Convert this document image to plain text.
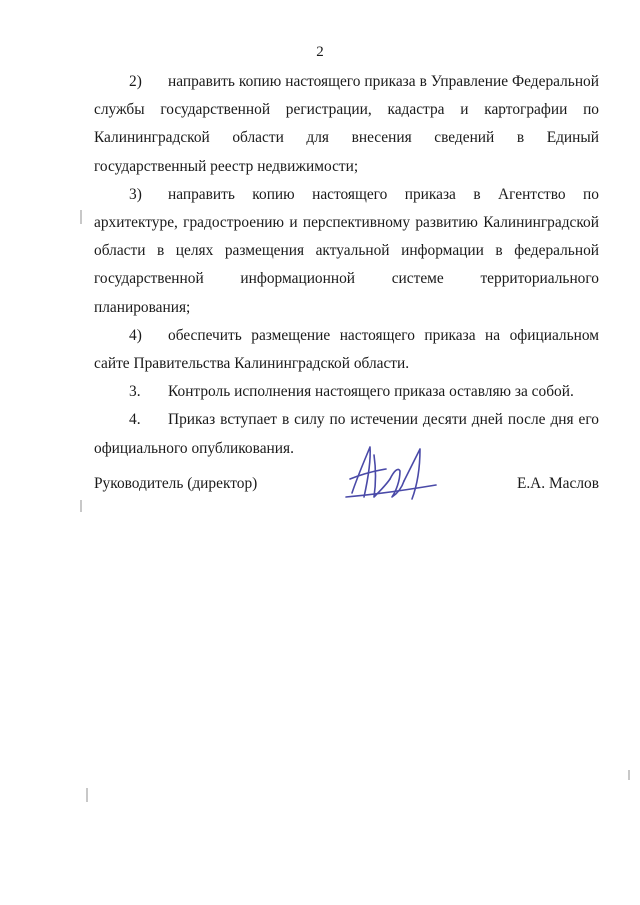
2

2) направить копию настоящего приказа в Управление Федеральной службы государственной регистрации, кадастра и картографии по Калининградской области для внесения сведений в Единый государственный реестр недвижимости;

3) направить копию настоящего приказа в Агентство по архитектуре, градостроению и перспективному развитию Калининградской области в целях размещения актуальной информации в федеральной государственной информационной системе территориального планирования;

4) обеспечить размещение настоящего приказа на официальном сайте Правительства Калининградской области.

3. Контроль исполнения настоящего приказа оставляю за собой.

4. Приказ вступает в силу по истечении десяти дней после дня его официального опубликования.

Руководитель (директор)	Е.А. Маслов
